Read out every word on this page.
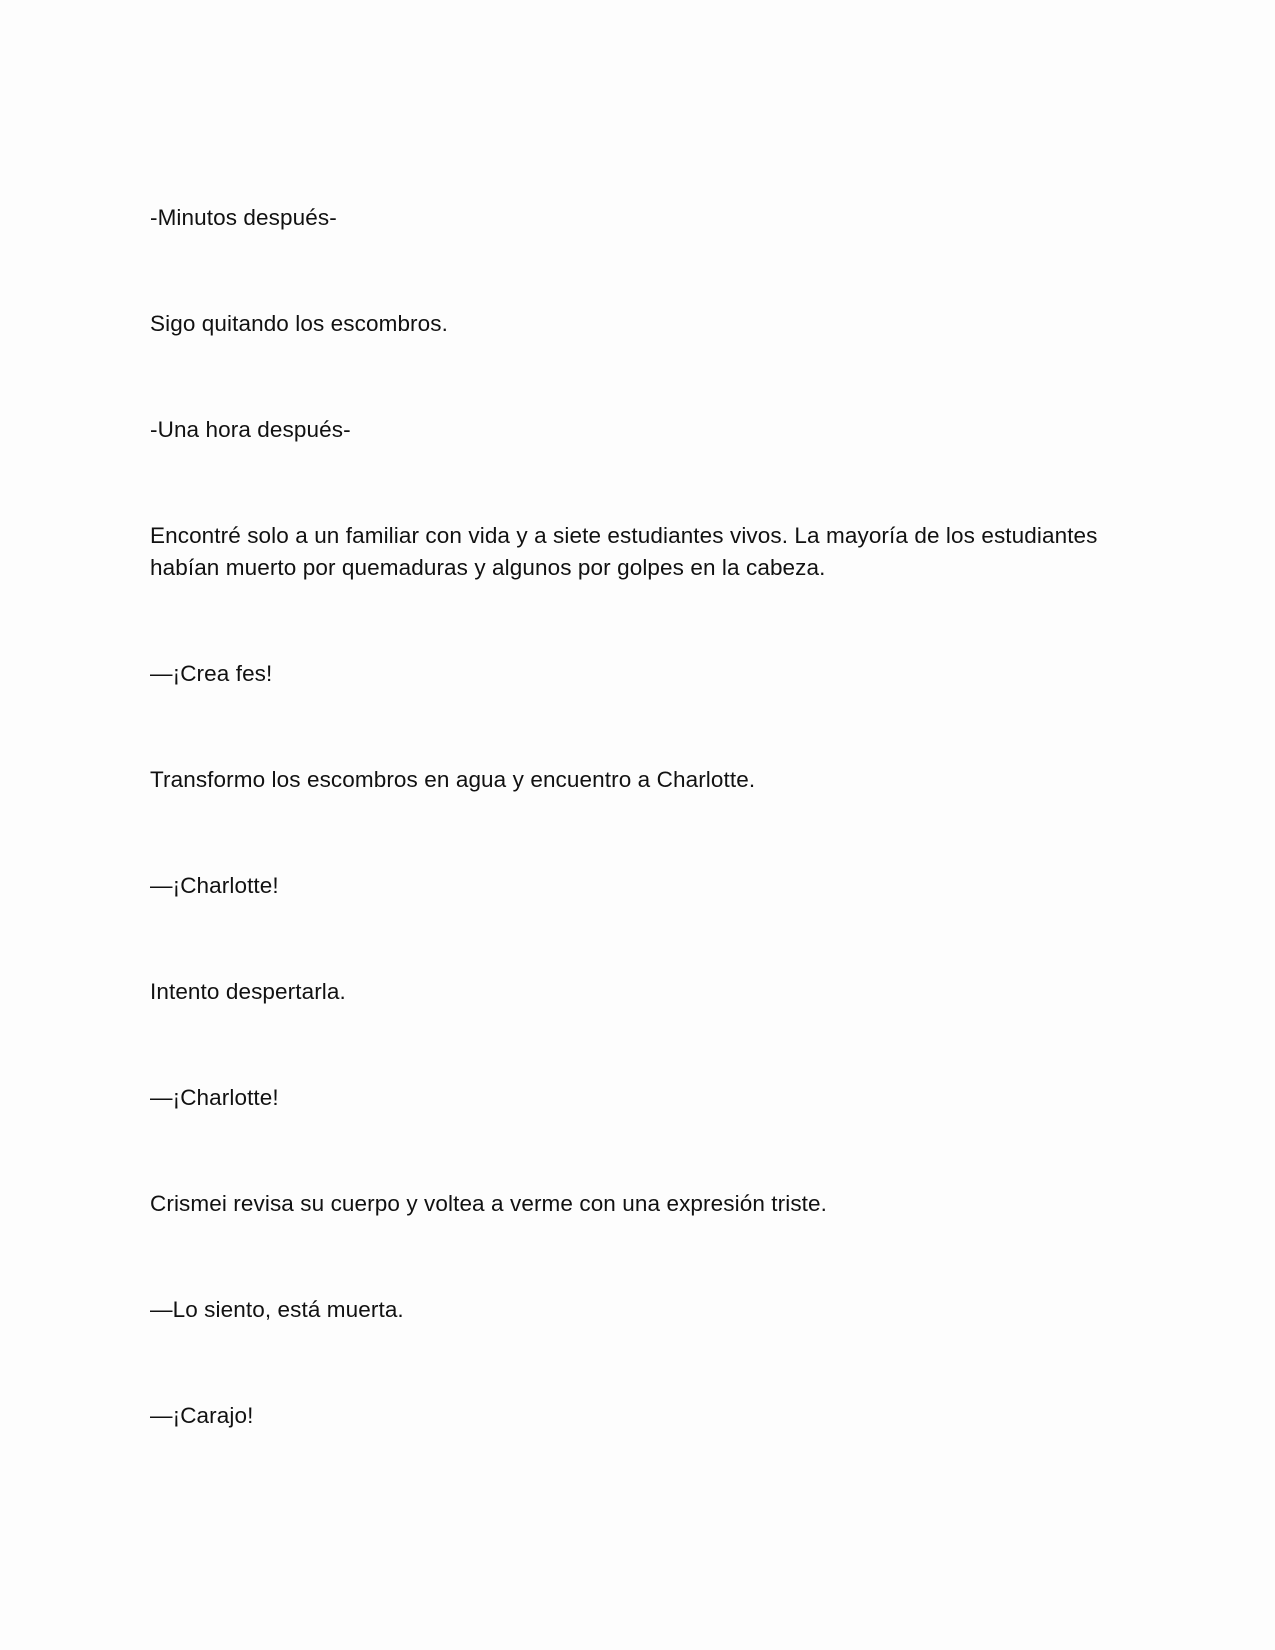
-Minutos después-

Sigo quitando los escombros.

-Una hora después-

Encontré solo a un familiar con vida y a siete estudiantes vivos. La mayoría de los estudiantes habían muerto por quemaduras y algunos por golpes en la cabeza.

—¡Crea fes!

Transformo los escombros en agua y encuentro a Charlotte.

—¡Charlotte!

Intento despertarla.

—¡Charlotte!

Crismei revisa su cuerpo y voltea a verme con una expresión triste.

—Lo siento, está muerta.

—¡Carajo!
